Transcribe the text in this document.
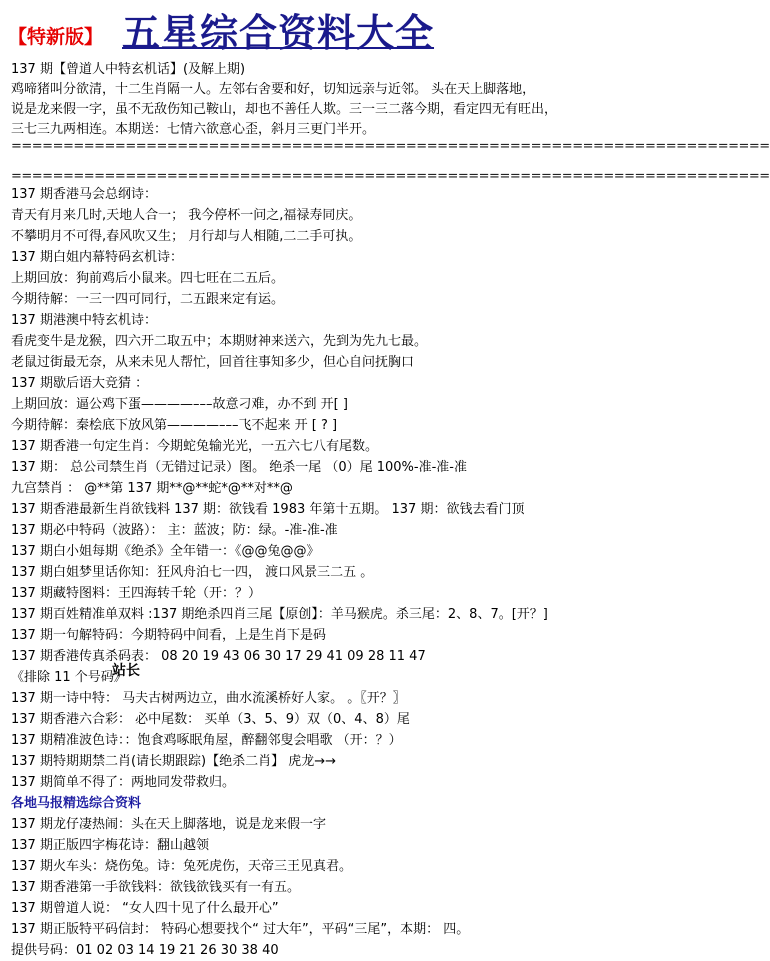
【特新版】 五星综合资料大全
137 期【曾道人中特玄机话】(及解上期)
鸡啼猪叫分欲清，十二生肖隔一人。左邻右舍要和好，切知远亲与近邻。 头在天上脚落地，
说是龙来假一字，虽不无敌伤知己鞍山，却也不善任人欺。三一三二落今期，看定四无有旺出，
三七三九两相连。本期送：七情六欲意心歪，斜月三更门半开。
=========================================================================
=========================================================================
137 期香港马会总纲诗：
青天有月来几时,天地人合一； 我今停杯一问之,福禄寿同庆。
不攀明月不可得,春风吹又生； 月行却与人相随,二二手可执。
137 期白姐内幕特码玄机诗：
上期回放：狗前鸡后小鼠来。四七旺在二五后。
今期待解：一三一四可同行，二五跟来定有运。
137 期港澳中特玄机诗：
看虎变牛是龙猴，四六开二取五中；本期财神来送六，先到为先九七最。
老鼠过街最无奈，从来未见人帮忙，回首往事知多少，但心自问抚胸口
137 期歇后语大竞猜 ：
上期回放：逼公鸡下蛋————–––故意刁难，办不到 开[ ]
今期待解：秦桧底下放风第————–––飞不起来 开 [ ? ]
137 期香港一句定生肖：今期蛇兔输光光，一五六七八有尾数。
137 期： 总公司禁生肖（无错过记录）图。 绝杀一尾 （0）尾 100%-准-准-准
九宫禁肖 ： @**第 137 期**@**蛇*@**对**@
137 期香港最新生肖欲钱料 137 期：欲钱看 1983 年第十五期。 137 期：欲钱去看门顶
137 期必中特码（波路）： 主：蓝波；防：绿。-准-准-准
137 期白小姐每期《绝杀》全年错一：《@@兔@@》
137 期白姐梦里话你知：狂风舟泊七一四， 渡口风景三二五 。
137 期藏特图料：王四海转千轮（开：？）
137 期百姓精准单双料 :137 期绝杀四肖三尾【原创】：羊马猴虎。杀三尾：2、8、7。[开？]
137 期一句解特码：今期特码中间看，上是生肖下是码
137 期香港传真杀码表： 08 20 19 43 06 30 17 29 41 09 28 11 47
《排除 11 个号码》
137 期一诗中特： 马夫古树两边立，曲水流溪桥好人家。 。〖开？〗
137 期香港六合彩： 必中尾数： 买单（3、5、9）双（0、4、8）尾
137 期精准波色诗：：饱食鸡啄眠角屋，醉翻邻叟会唱歌 （开：？）
137 期特期期禁二肖(请长期跟踪)【绝杀二肖】 虎龙→→
137 期简单不得了：两地同发带救归。
各地马报精选综合资料
137 期龙仔凄热闹：头在天上脚落地，说是龙来假一字
137 期正版四字梅花诗：翻山越领
137 期火车头：烧伤兔。诗：兔死虎伤，天帝三王见真君。
137 期香港第一手欲钱料：欲钱欲钱买有一有五。
137 期曾道人说： “女人四十见了什么最开心”
137 期正版特平码信封： 特码心想要找个“ 过大年”，平码“三尾”，本期： 四。
提供号码：01 02 03 14 19 21 26 30 38 40
站长
